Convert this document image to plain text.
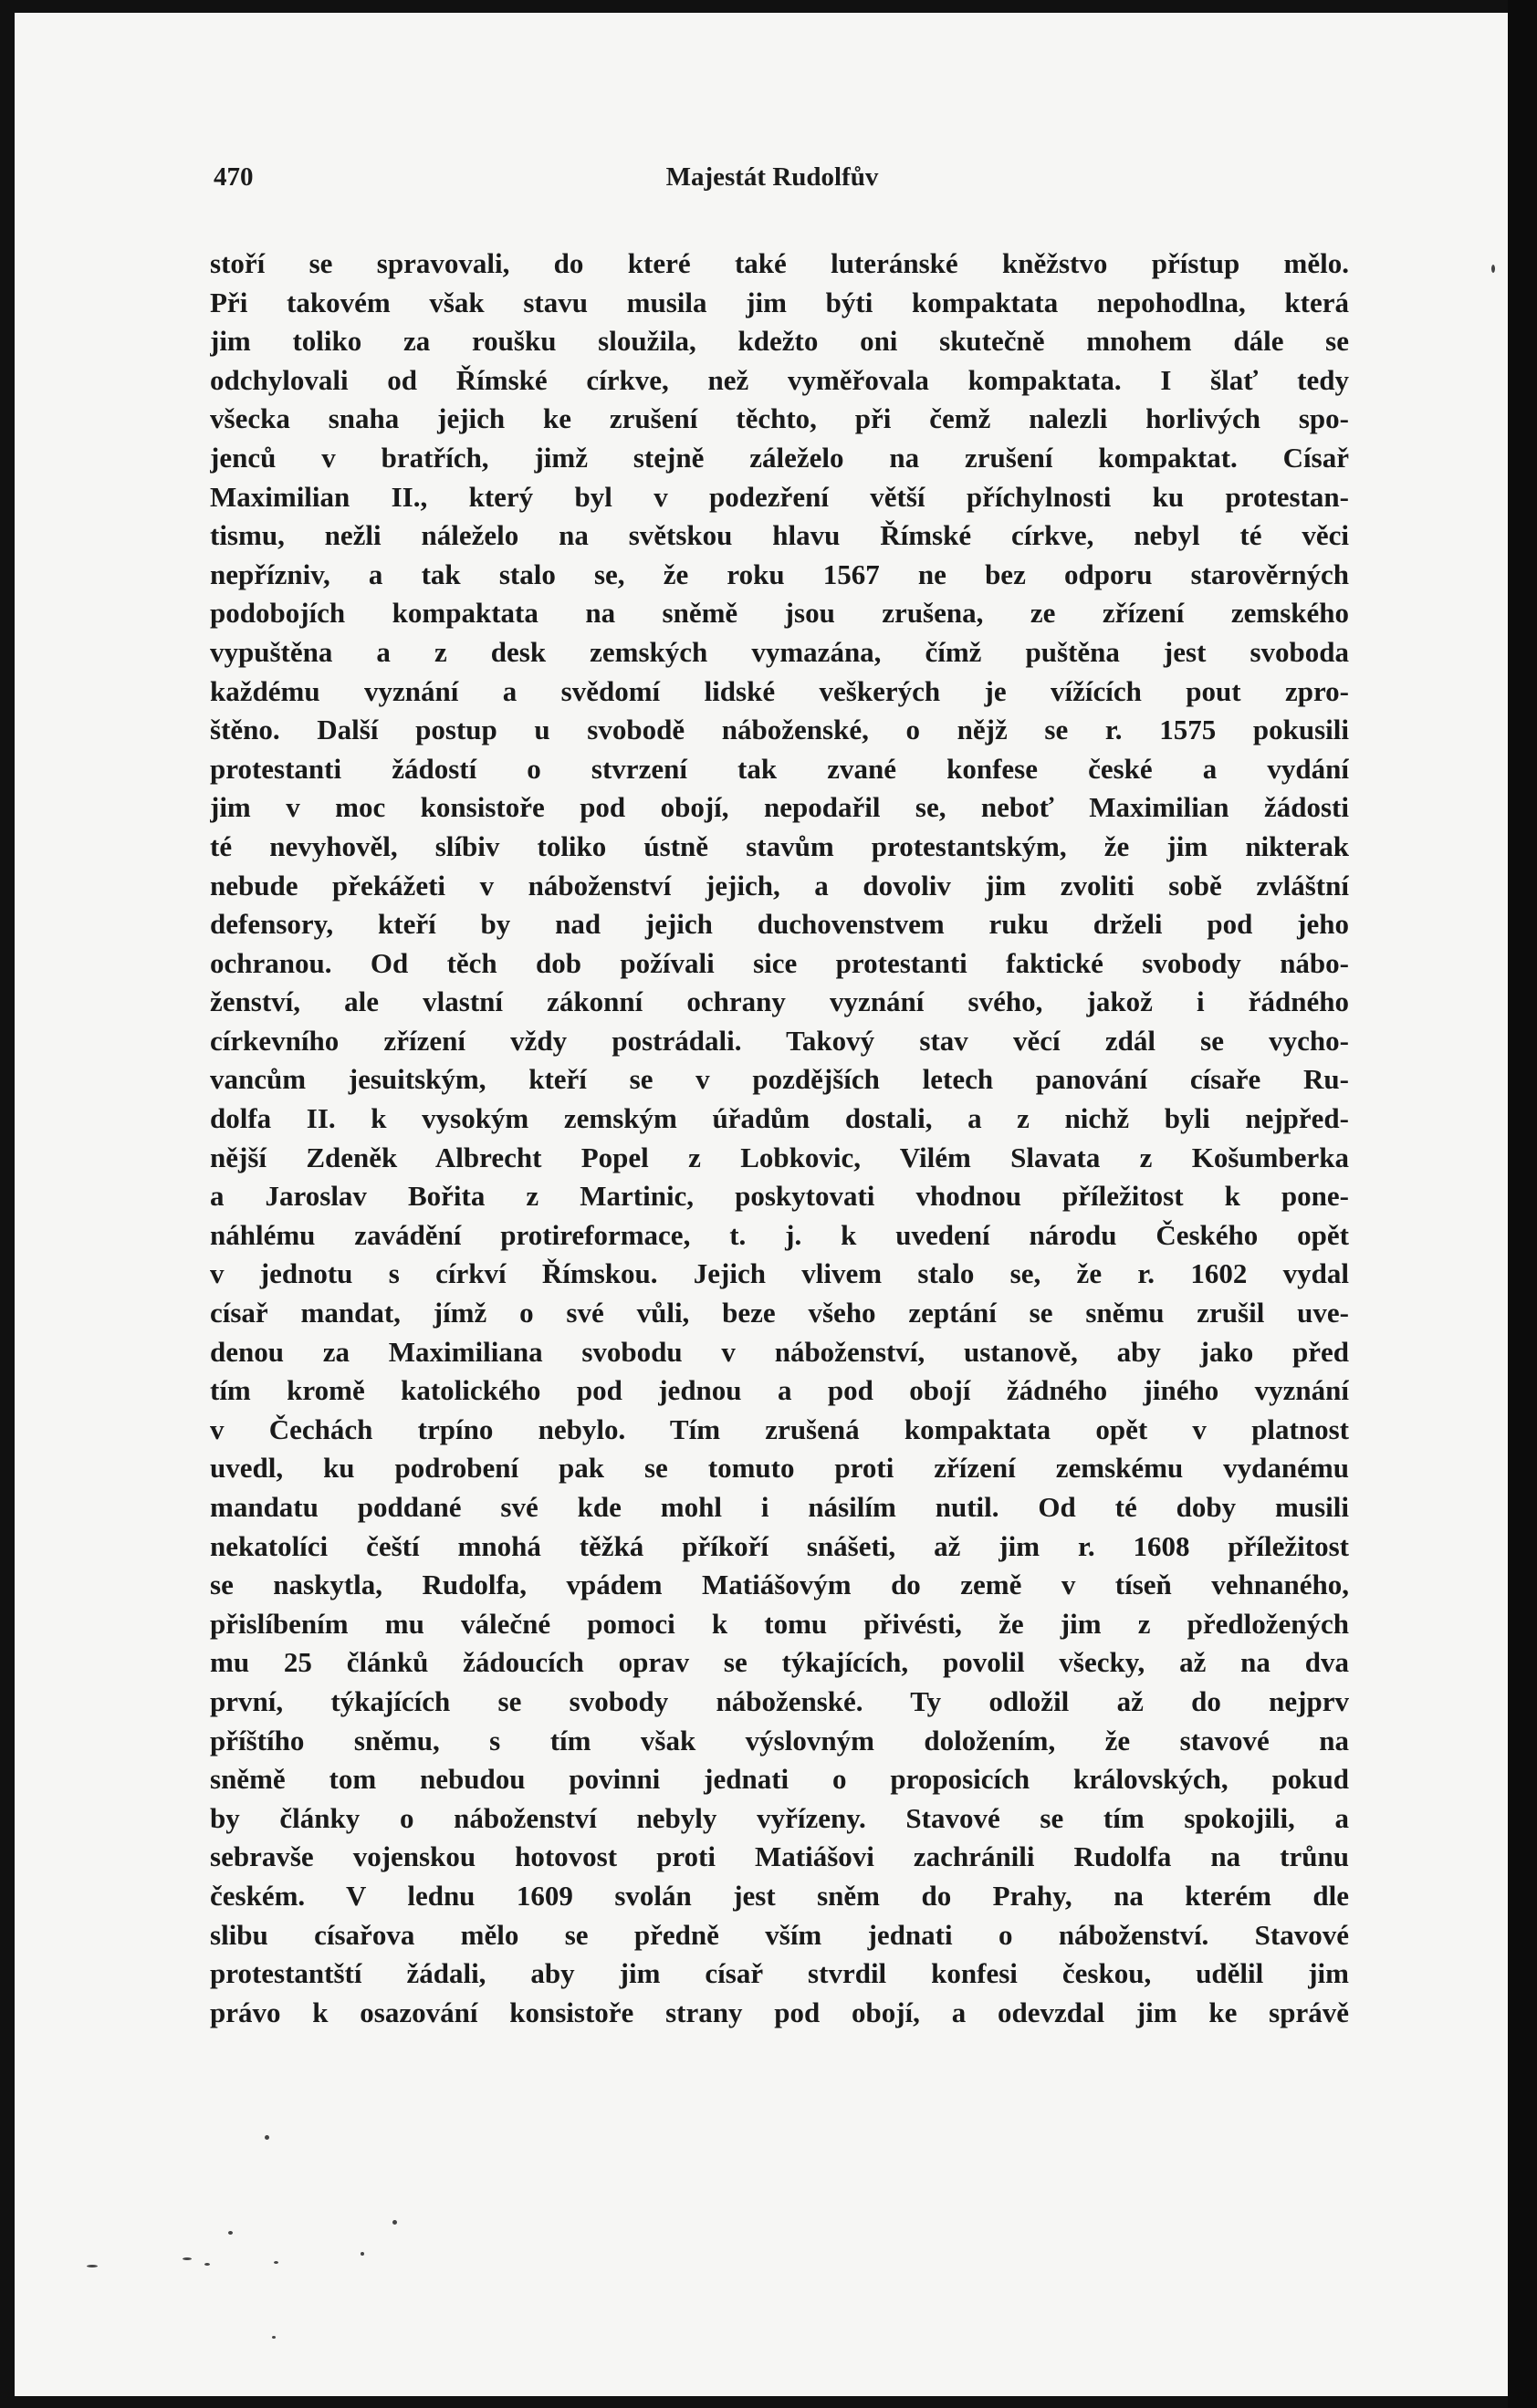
470	Majestát Rudolfův
stoří se spravovali, do které také luteránské kněžstvo přístup mělo.
Při takovém však stavu musila jim býti kompaktata nepohodlna, která
jim toliko za roušku sloužila, kdežto oni skutečně mnohem dále se
odchylovali od Římské církve, než vyměřovala kompaktata. I šlať tedy
všecka snaha jejich ke zrušení těchto, při čemž nalezli horlivých spo-
jenců v bratřích, jimž stejně záleželo na zrušení kompaktat. Císař
Maximilian II., který byl v podezření větší příchylnosti ku protestan-
tismu, nežli náleželo na světskou hlavu Římské církve, nebyl té věci
nepřízniv, a tak stalo se, že roku 1567 ne bez odporu starověrných
podobojích kompaktata na sněmě jsou zrušena, ze zřízení zemského
vypuštěna a z desk zemských vymazána, čímž puštěna jest svoboda
každému vyznání a svědomí lidské veškerých je vížících pout zpro-
štěno. Další postup u svobodě náboženské, o nějž se r. 1575 pokusili
protestanti žádostí o stvrzení tak zvané konfese české a vydání
jim v moc konsistoře pod obojí, nepodařil se, neboť Maximilian žádosti
té nevyhověl, slíbiv toliko ústně stavům protestantským, že jim nikterak
nebude překážeti v náboženství jejich, a dovoliv jim zvoliti sobě zvláštní
defensory, kteří by nad jejich duchovenstvem ruku drželi pod jeho
ochranou. Od těch dob požívali sice protestanti faktické svobody nábo-
ženství, ale vlastní zákonní ochrany vyznání svého, jakož i řádného
církevního zřízení vždy postrádali. Takový stav věcí zdál se vycho-
vancům jesuitským, kteří se v pozdějších letech panování císaře Ru-
dolfa II. k vysokým zemským úřadům dostali, a z nichž byli nejpřed-
nější Zdeněk Albrecht Popel z Lobkovic, Vilém Slavata z Košumberka
a Jaroslav Bořita z Martinic, poskytovati vhodnou příležitost k pone-
náhlému zavádění protireformace, t. j. k uvedení národu Českého opět
v jednotu s církví Římskou. Jejich vlivem stalo se, že r. 1602 vydal
císař mandat, jímž o své vůli, beze všeho zeptání se sněmu zrušil uve-
denou za Maximiliana svobodu v náboženství, ustanově, aby jako před
tím kromě katolického pod jednou a pod obojí žádného jiného vyznání
v Čechách trpíno nebylo. Tím zrušená kompaktata opět v platnost
uvedl, ku podrobení pak se tomuto proti zřízení zemskému vydanému
mandatu poddané své kde mohl i násilím nutil. Od té doby musili
nekatolíci čeští mnohá těžká příkoří snášeti, až jim r. 1608 příležitost
se naskytla, Rudolfa, vpádem Matiášovým do země v tíseň vehnaného,
přislíbením mu válečné pomoci k tomu přivésti, že jim z předložených
mu 25 článků žádoucích oprav se týkajících, povolil všecky, až na dva
první, týkajících se svobody náboženské. Ty odložil až do nejprv
příštího sněmu, s tím však výslovným doložením, že stavové na
sněmě tom nebudou povinni jednati o proposicích královských, pokud
by články o náboženství nebyly vyřízeny. Stavové se tím spokojili, a
sebravše vojenskou hotovost proti Matiášovi zachránili Rudolfa na trůnu
českém. V lednu 1609 svolán jest sněm do Prahy, na kterém dle
slibu císařova mělo se předně vším jednati o náboženství. Stavové
protestantští žádali, aby jim císař stvrdil konfesi českou, udělil jim
právo k osazování konsistoře strany pod obojí, a odevzdal jim ke správě
